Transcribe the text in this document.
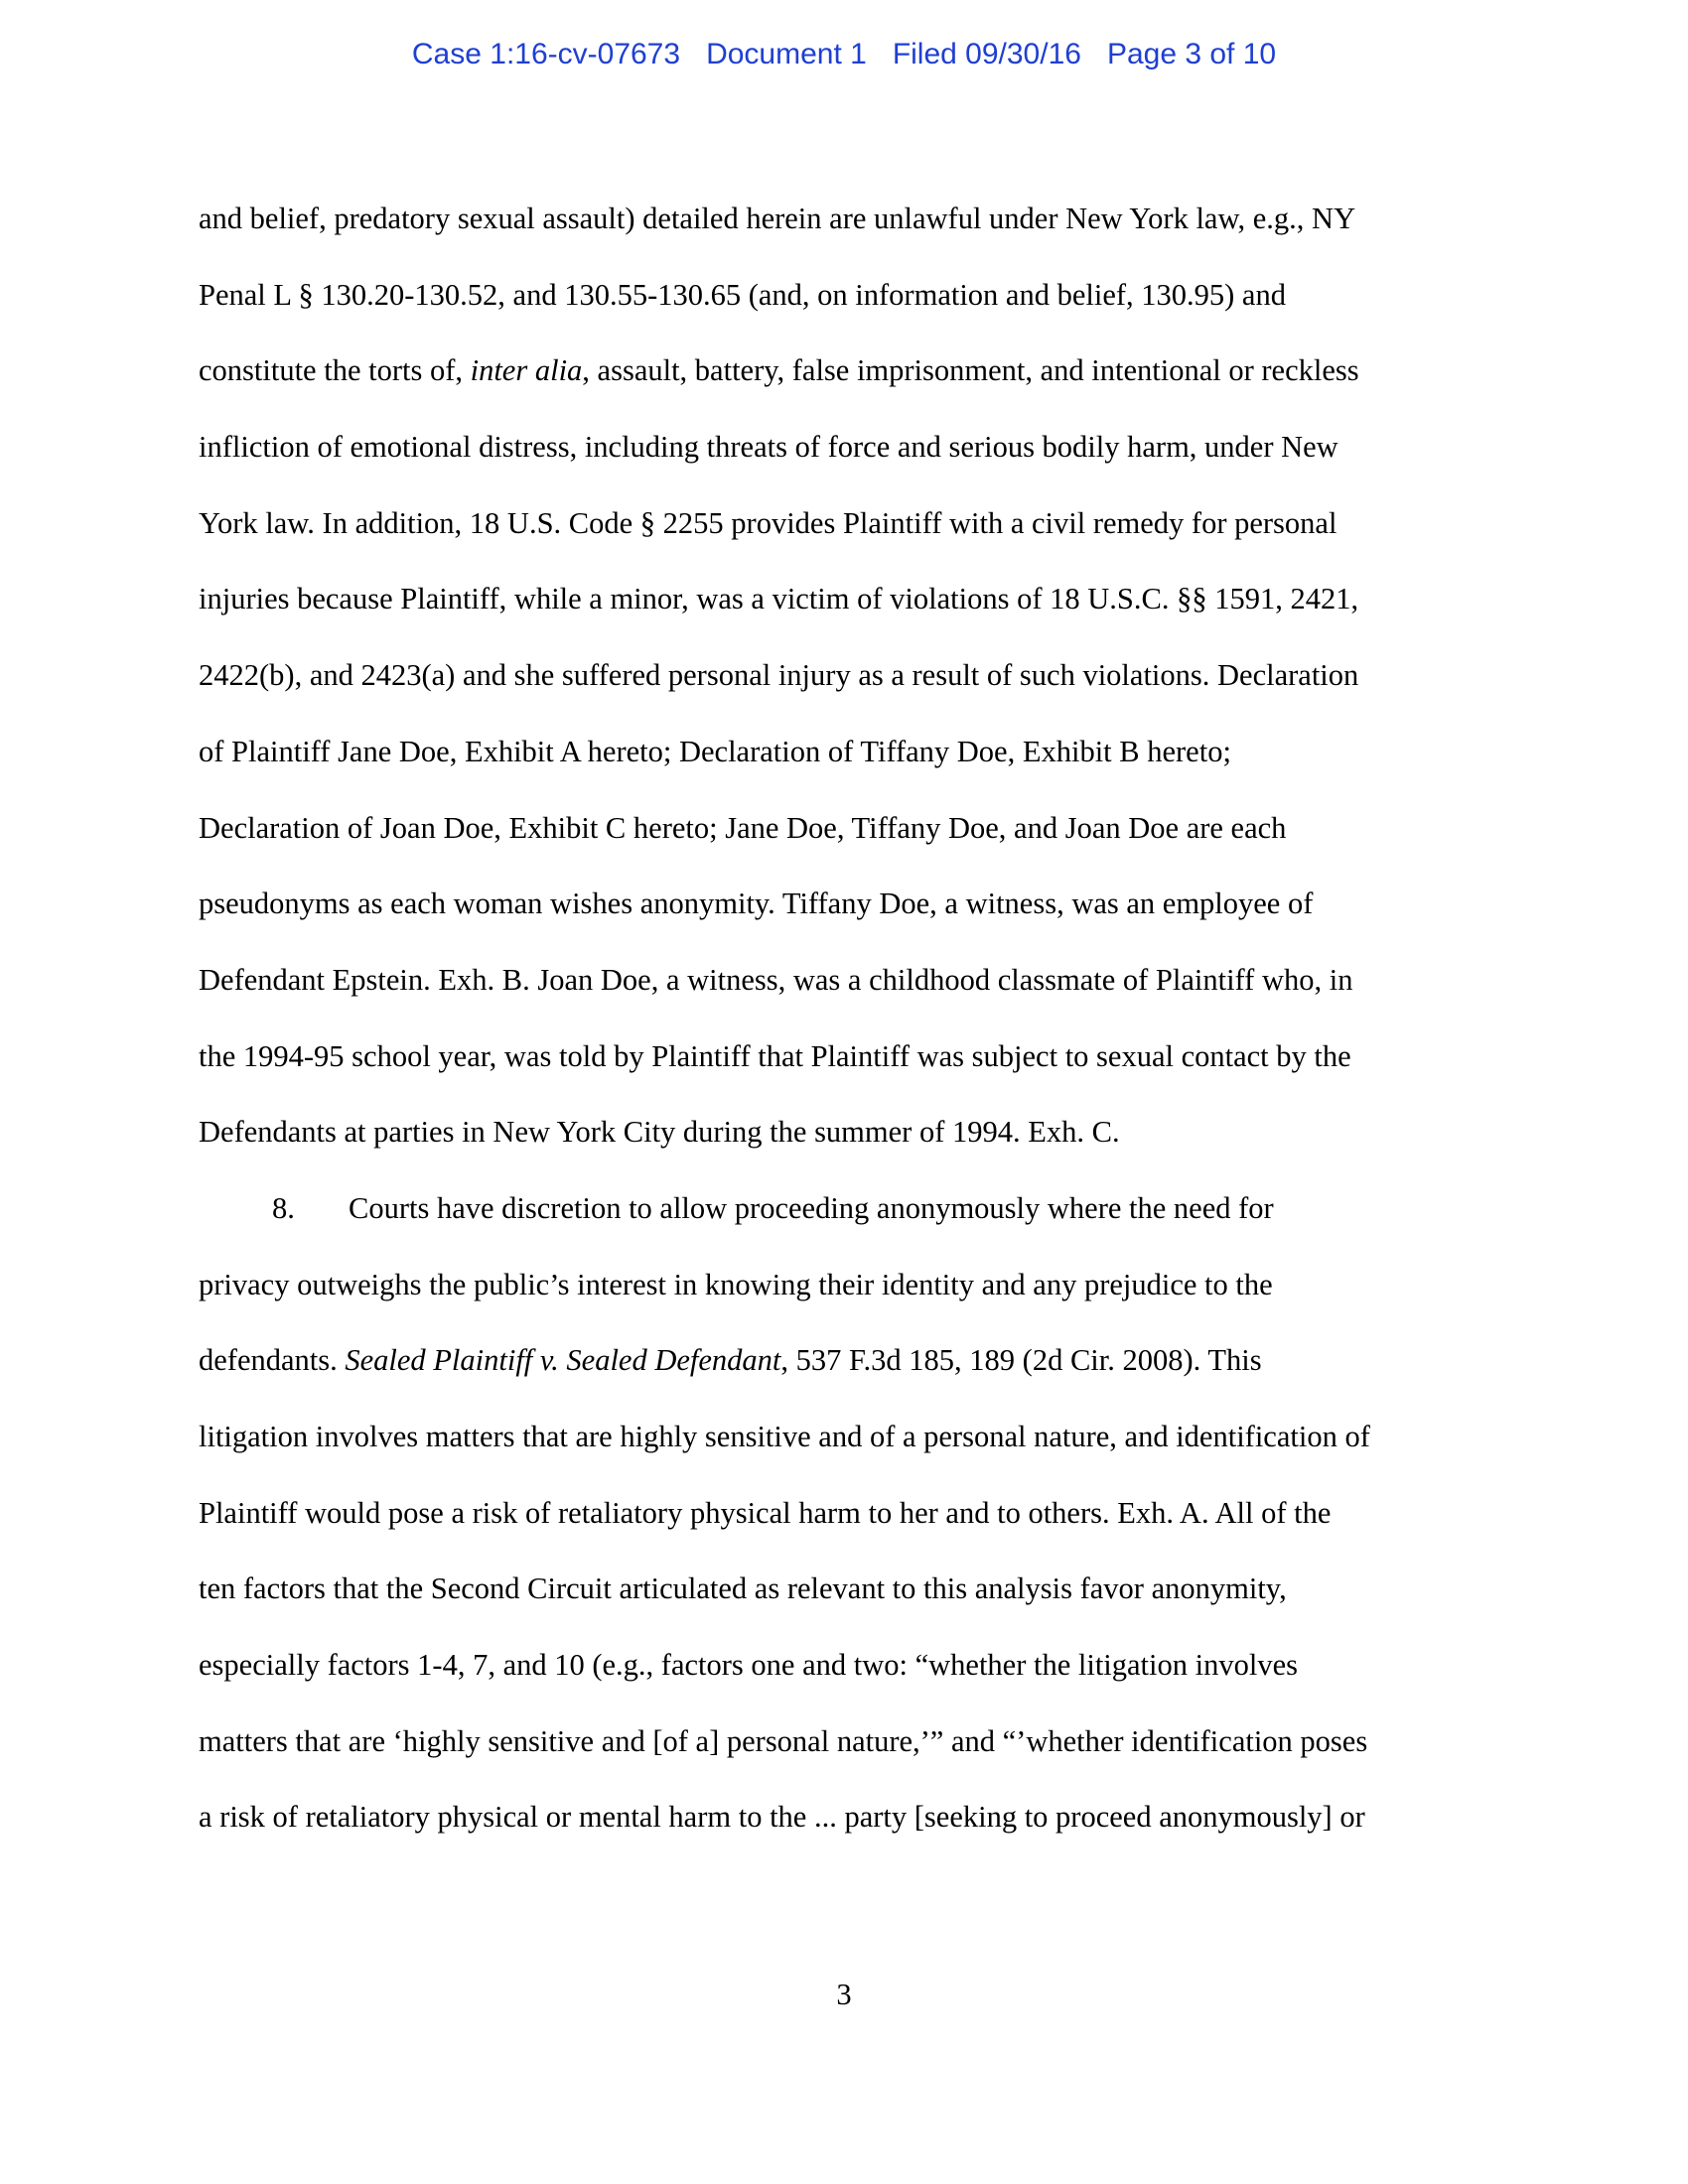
Case 1:16-cv-07673 Document 1 Filed 09/30/16 Page 3 of 10
and belief, predatory sexual assault) detailed herein are unlawful under New York law, e.g., NY
Penal L § 130.20-130.52, and 130.55-130.65 (and, on information and belief, 130.95) and
constitute the torts of, inter alia, assault, battery, false imprisonment, and intentional or reckless
infliction of emotional distress, including threats of force and serious bodily harm, under New
York law. In addition, 18 U.S. Code § 2255 provides Plaintiff with a civil remedy for personal
injuries because Plaintiff, while a minor, was a victim of violations of 18 U.S.C. §§ 1591, 2421,
2422(b), and 2423(a) and she suffered personal injury as a result of such violations. Declaration
of Plaintiff Jane Doe, Exhibit A hereto; Declaration of Tiffany Doe, Exhibit B hereto;
Declaration of Joan Doe, Exhibit C hereto; Jane Doe, Tiffany Doe, and Joan Doe are each
pseudonyms as each woman wishes anonymity. Tiffany Doe, a witness, was an employee of
Defendant Epstein. Exh. B. Joan Doe, a witness, was a childhood classmate of Plaintiff who, in
the 1994-95 school year, was told by Plaintiff that Plaintiff was subject to sexual contact by the
Defendants at parties in New York City during the summer of 1994. Exh. C.
8. Courts have discretion to allow proceeding anonymously where the need for
privacy outweighs the public’s interest in knowing their identity and any prejudice to the
defendants. Sealed Plaintiff v. Sealed Defendant, 537 F.3d 185, 189 (2d Cir. 2008). This
litigation involves matters that are highly sensitive and of a personal nature, and identification of
Plaintiff would pose a risk of retaliatory physical harm to her and to others. Exh. A. All of the
ten factors that the Second Circuit articulated as relevant to this analysis favor anonymity,
especially factors 1-4, 7, and 10 (e.g., factors one and two: “whether the litigation involves
matters that are ‘highly sensitive and [of a] personal nature,’” and “’whether identification poses
a risk of retaliatory physical or mental harm to the ... party [seeking to proceed anonymously] or
3
